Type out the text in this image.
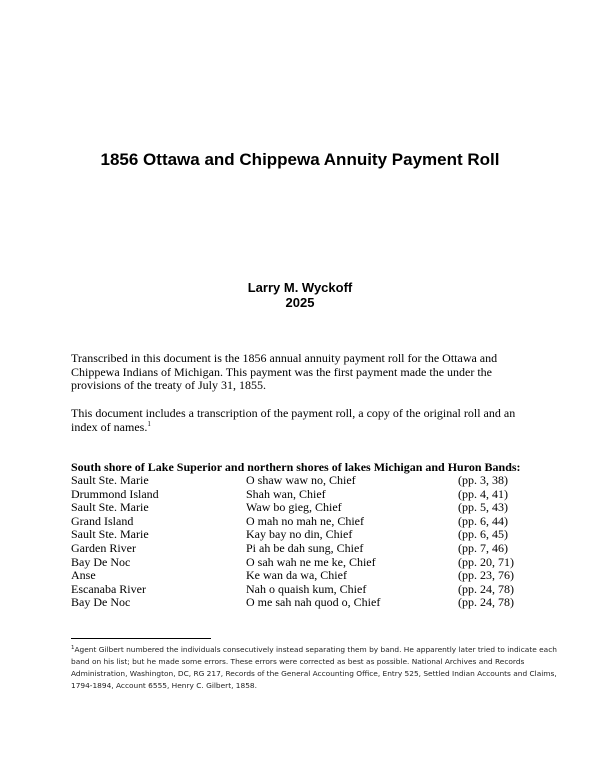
1856 Ottawa and Chippewa Annuity Payment Roll
Larry M. Wyckoff
2025
Transcribed in this document is the 1856 annual annuity payment roll for the Ottawa and Chippewa Indians of Michigan. This payment was the first payment made the under the provisions of the treaty of July 31, 1855.
This document includes a transcription of the payment roll, a copy of the original roll and an index of names.$^1$
South shore of Lake Superior and northern shores of lakes Michigan and Huron Bands:
Sault Ste. Marie	O shaw waw no, Chief	(pp. 3, 38)
Drummond Island	Shah wan, Chief	(pp. 4, 41)
Sault Ste. Marie	Waw bo gieg, Chief	(pp. 5, 43)
Grand Island	O mah no mah ne, Chief	(pp. 6, 44)
Sault Ste. Marie	Kay bay no din, Chief	(pp. 6, 45)
Garden River	Pi ah be dah sung, Chief	(pp. 7, 46)
Bay De Noc	O sah wah ne me ke, Chief	(pp. 20, 71)
Anse	Ke wan da wa, Chief	(pp. 23, 76)
Escanaba River	Nah o quaish kum, Chief	(pp. 24, 78)
Bay De Noc	O me sah nah quod o, Chief	(pp. 24, 78)
$^1$Agent Gilbert numbered the individuals consecutively instead separating them by band. He apparently later tried to indicate each band on his list; but he made some errors. These errors were corrected as best as possible. National Archives and Records Administration, Washington, DC, RG 217, Records of the General Accounting Office, Entry 525, Settled Indian Accounts and Claims, 1794-1894, Account 6555, Henry C. Gilbert, 1858.
